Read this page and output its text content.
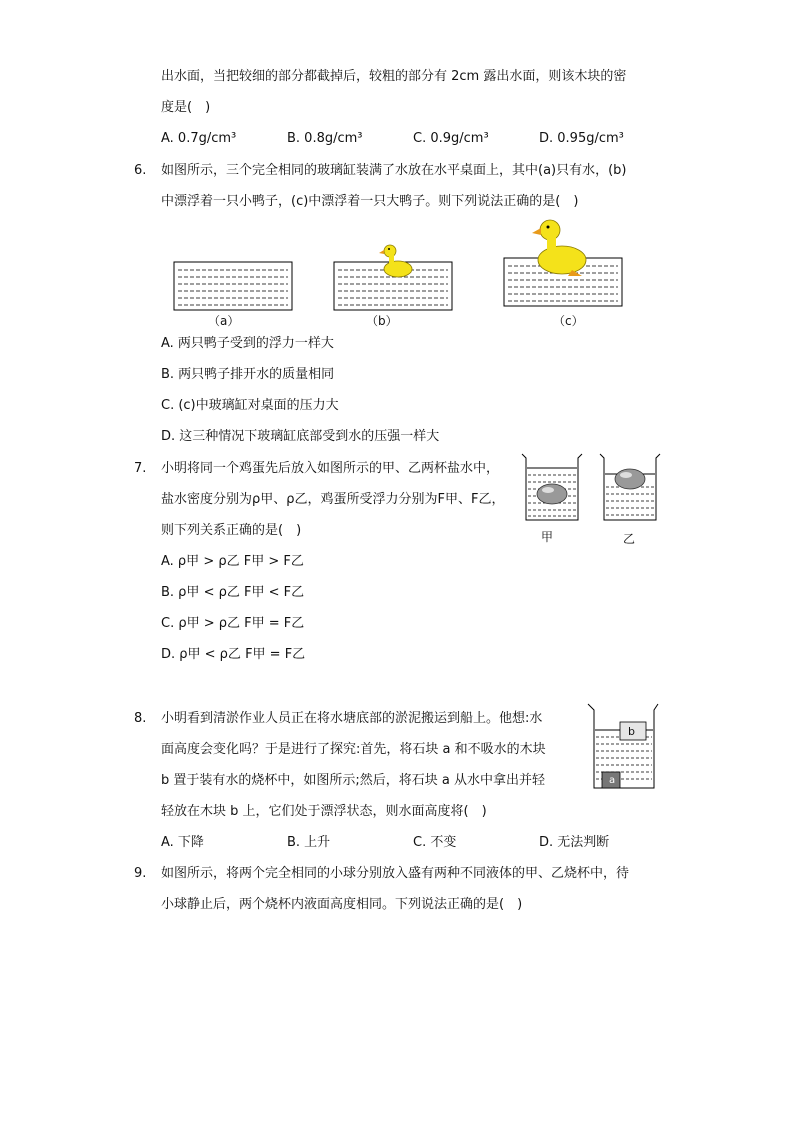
出水面，当把较细的部分都截掉后，较粗的部分有 2cm 露出水面，则该木块的密
度是(　)
A. 0.7g/cm³	B. 0.8g/cm³	C. 0.9g/cm³	D. 0.95g/cm³
6.	如图所示，三个完全相同的玻璃缸装满了水放在水平桌面上，其中(a)只有水，(b)
中漂浮着一只小鸭子，(c)中漂浮着一只大鸭子。则下列说法正确的是(　)
（a）	（b）	（c）
A. 两只鸭子受到的浮力一样大
B. 两只鸭子排开水的质量相同
C. (c)中玻璃缸对桌面的压力大
D. 这三种情况下玻璃缸底部受到水的压强一样大
7.	小明将同一个鸡蛋先后放入如图所示的甲、乙两杯盐水中，
盐水密度分别为ρ甲、ρ乙，鸡蛋所受浮力分别为F甲、F乙，
则下列关系正确的是(　)	甲	乙
A. ρ甲 > ρ乙 F甲 > F乙
B. ρ甲 < ρ乙 F甲 < F乙
C. ρ甲 > ρ乙 F甲 = F乙
D. ρ甲 < ρ乙 F甲 = F乙
8.	小明看到清淤作业人员正在将水塘底部的淤泥搬运到船上。他想:水
面高度会变化吗？于是进行了探究:首先，将石块 a 和不吸水的木块
b 置于装有水的烧杯中，如图所示;然后，将石块 a 从水中拿出并轻
轻放在木块 b 上，它们处于漂浮状态，则水面高度将(　)
b
a
A. 下降	B. 上升	C. 不变	D. 无法判断
9.	如图所示，将两个完全相同的小球分别放入盛有两种不同液体的甲、乙烧杯中，待
小球静止后，两个烧杯内液面高度相同。下列说法正确的是(　)
